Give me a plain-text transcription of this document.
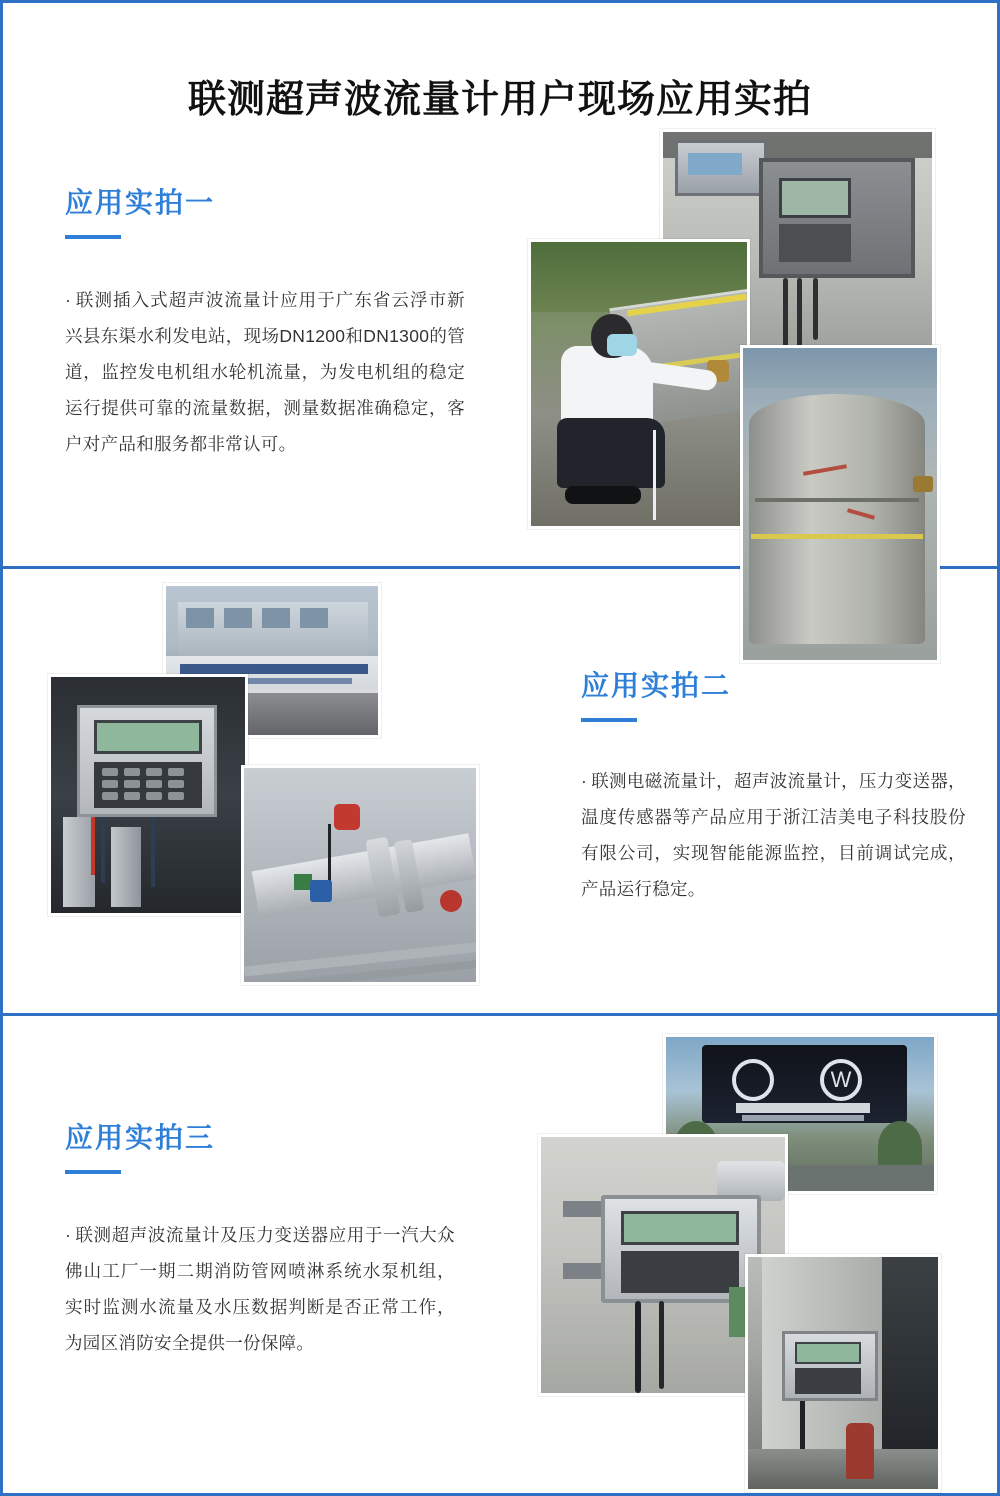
联测超声波流量计用户现场应用实拍
应用实拍一

· 联测插入式超声波流量计应用于广东省云浮市新兴县东渠水利发电站，现场DN1200和DN1300的管道，监控发电机组水轮机流量，为发电机组的稳定运行提供可靠的流量数据，测量数据准确稳定，客户对产品和服务都非常认可。

应用实拍二

· 联测电磁流量计，超声波流量计，压力变送器，温度传感器等产品应用于浙江洁美电子科技股份有限公司，实现智能能源监控，目前调试完成，产品运行稳定。

应用实拍三

· 联测超声波流量计及压力变送器应用于一汽大众佛山工厂一期二期消防管网喷淋系统水泵机组，实时监测水流量及水压数据判断是否正常工作，为园区消防安全提供一份保障。

W
